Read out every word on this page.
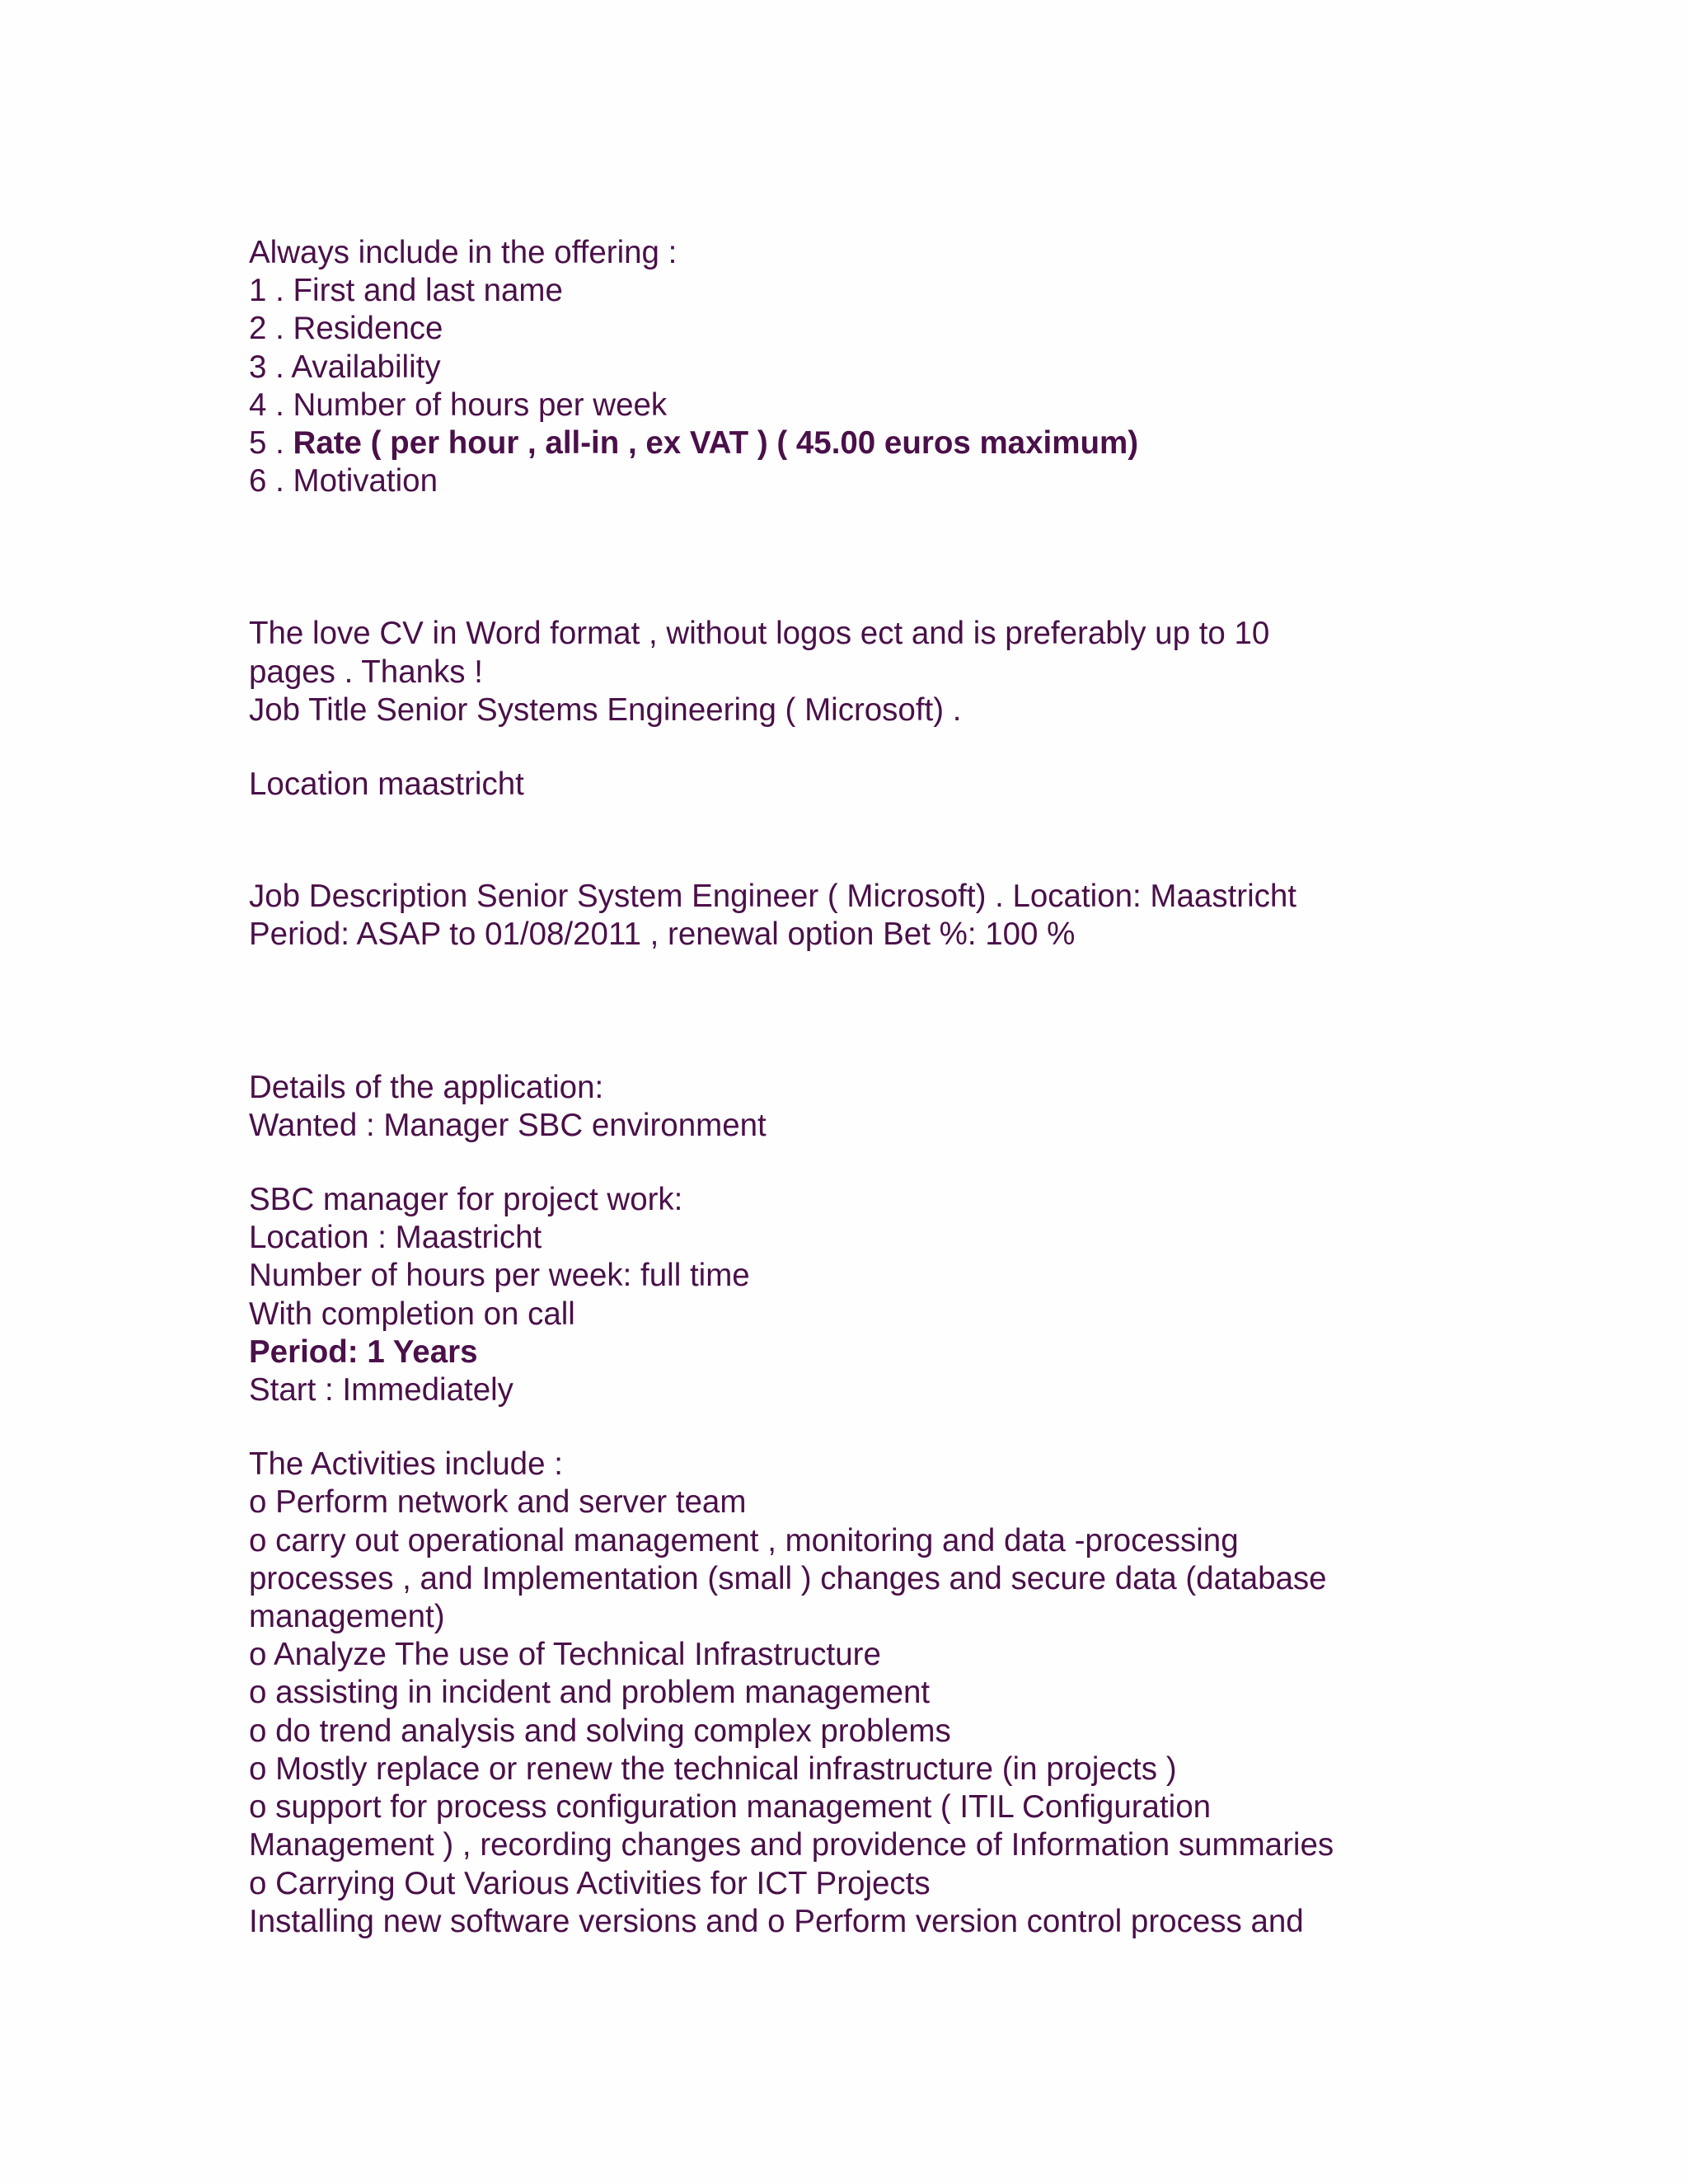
Always include in the offering :
1 . First and last name
2 . Residence
3 . Availability
4 . Number of hours per week
5 . Rate ( per hour , all-in , ex VAT ) ( 45.00 euros maximum)
6 . Motivation
The love CV in Word format , without logos ect and is preferably up to 10
pages . Thanks !
Job Title Senior Systems Engineering ( Microsoft) .
Location maastricht
Job Description Senior System Engineer ( Microsoft) . Location: Maastricht
Period: ASAP to 01/08/2011 , renewal option Bet %: 100 %
Details of the application:
Wanted : Manager SBC environment
SBC manager for project work:
Location : Maastricht
Number of hours per week: full time
With completion on call
Period: 1 Years
Start : Immediately
The Activities include :
o Perform network and server team
o carry out operational management , monitoring and data -processing
processes , and Implementation (small ) changes and secure data (database
management)
o Analyze The use of Technical Infrastructure
o assisting in incident and problem management
o do trend analysis and solving complex problems
o Mostly replace or renew the technical infrastructure (in projects )
o support for process configuration management ( ITIL Configuration
Management ) , recording changes and providence of Information summaries
o Carrying Out Various Activities for ICT Projects
Installing new software versions and o Perform version control process and
